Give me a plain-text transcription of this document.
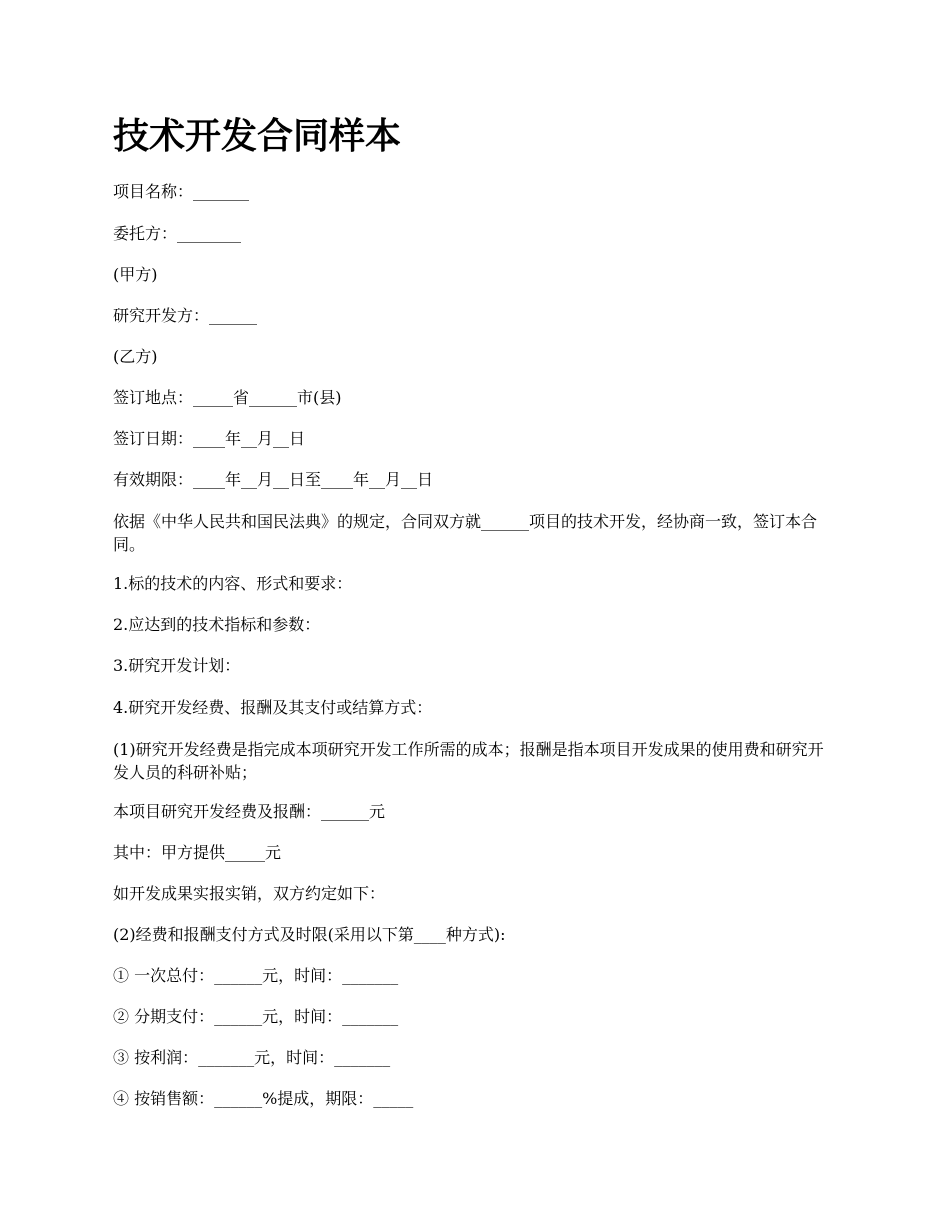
技术开发合同样本

项目名称：_______

委托方：________

(甲方)

研究开发方：______

(乙方)

签订地点：_____省______市(县)

签订日期：____年__月__日

有效期限：____年__月__日至____年__月__日

依据《中华人民共和国民法典》的规定，合同双方就______项目的技术开发，经协商一致，签订本合同。

1.标的技术的内容、形式和要求：

2.应达到的技术指标和参数：

3.研究开发计划：

4.研究开发经费、报酬及其支付或结算方式：

(1)研究开发经费是指完成本项研究开发工作所需的成本；报酬是指本项目开发成果的使用费和研究开发人员的科研补贴；

本项目研究开发经费及报酬：______元

其中：甲方提供_____元

如开发成果实报实销，双方约定如下：

(2)经费和报酬支付方式及时限(采用以下第____种方式):

① 一次总付：______元，时间：_______

② 分期支付：______元，时间：_______

③ 按利润：_______元，时间：_______

④ 按销售额：______%提成，期限：_____
